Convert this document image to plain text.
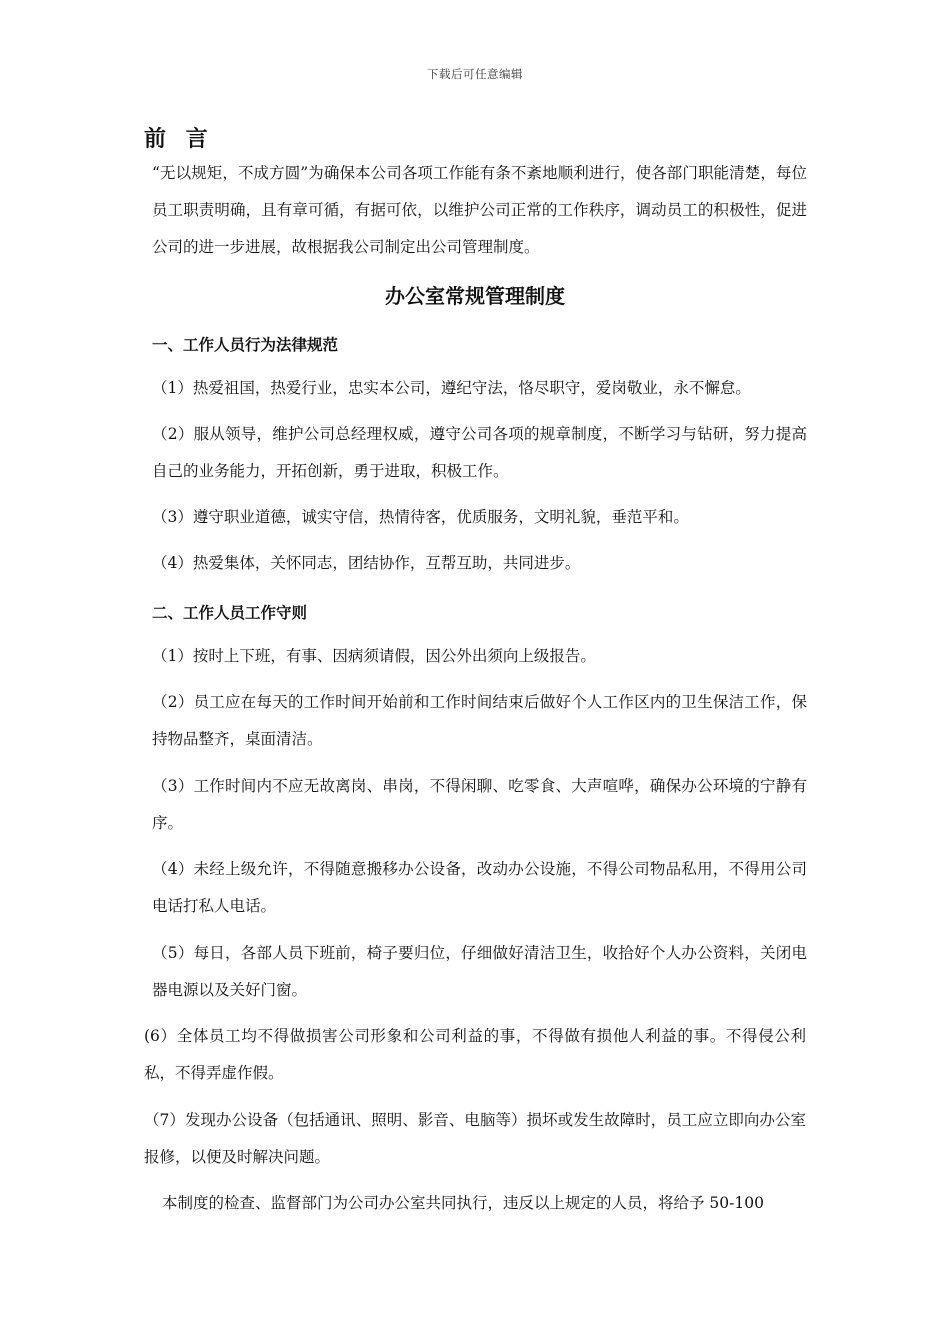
下载后可任意编辑
前 言

“无以规矩，不成方圆”为确保本公司各项工作能有条不紊地顺利进行，使各部门职能清楚，每位员工职责明确，且有章可循，有据可依，以维护公司正常的工作秩序，调动员工的积极性，促进公司的进一步进展，故根据我公司制定出公司管理制度。

办公室常规管理制度
一、工作人员行为法律规范

（1）热爱祖国，热爱行业，忠实本公司，遵纪守法，恪尽职守，爱岗敬业，永不懈怠。

（2）服从领导，维护公司总经理权威，遵守公司各项的规章制度，不断学习与钻研，努力提高自己的业务能力，开拓创新，勇于进取，积极工作。

（3）遵守职业道德，诚实守信，热情待客，优质服务，文明礼貌，垂范平和。

（4）热爱集体，关怀同志，团结协作，互帮互助，共同进步。

二、工作人员工作守则

（1）按时上下班，有事、因病须请假，因公外出须向上级报告。

（2）员工应在每天的工作时间开始前和工作时间结束后做好个人工作区内的卫生保洁工作，保持物品整齐，桌面清洁。

（3）工作时间内不应无故离岗、串岗，不得闲聊、吃零食、大声喧哗，确保办公环境的宁静有序。

（4）未经上级允许，不得随意搬移办公设备，改动办公设施，不得公司物品私用，不得用公司电话打私人电话。

（5）每日，各部人员下班前，椅子要归位，仔细做好清洁卫生，收拾好个人办公资料，关闭电器电源以及关好门窗。

(6）全体员工均不得做损害公司形象和公司利益的事，不得做有损他人利益的事。不得侵公利私，不得弄虚作假。

（7）发现办公设备（包括通讯、照明、影音、电脑等）损坏或发生故障时，员工应立即向办公室报修，以便及时解决问题。

本制度的检查、监督部门为公司办公室共同执行，违反以上规定的人员，将给予 50-100
